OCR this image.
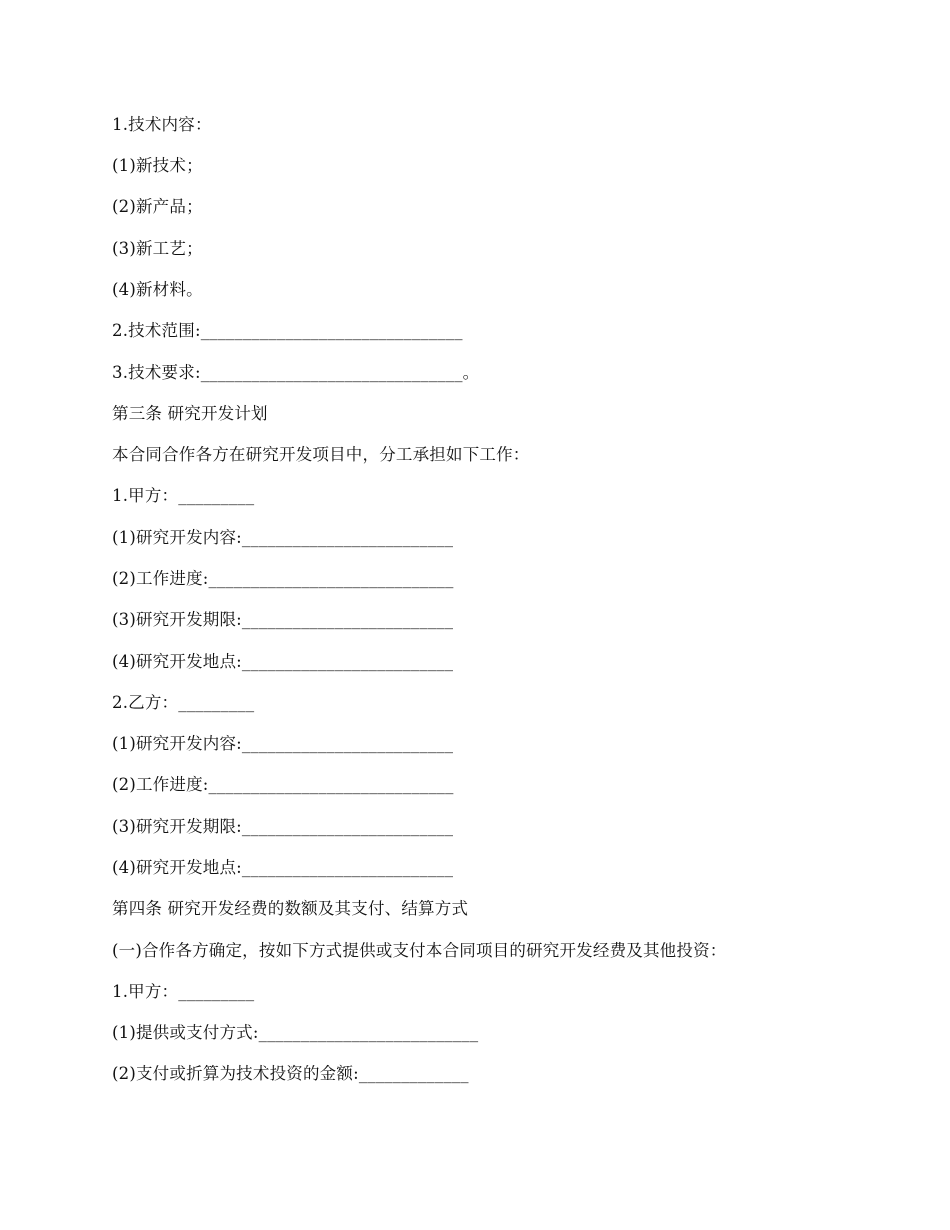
1.技术内容：
(1)新技术；
(2)新产品；
(3)新工艺；
(4)新材料。
2.技术范围:_______________________________
3.技术要求:_______________________________。
第三条 研究开发计划
本合同合作各方在研究开发项目中，分工承担如下工作：
1.甲方：_________
(1)研究开发内容:_________________________
(2)工作进度:_____________________________
(3)研究开发期限:_________________________
(4)研究开发地点:_________________________
2.乙方：_________
(1)研究开发内容:_________________________
(2)工作进度:_____________________________
(3)研究开发期限:_________________________
(4)研究开发地点:_________________________
第四条 研究开发经费的数额及其支付、结算方式
(一)合作各方确定，按如下方式提供或支付本合同项目的研究开发经费及其他投资：
1.甲方：_________
(1)提供或支付方式:__________________________
(2)支付或折算为技术投资的金额:_____________
